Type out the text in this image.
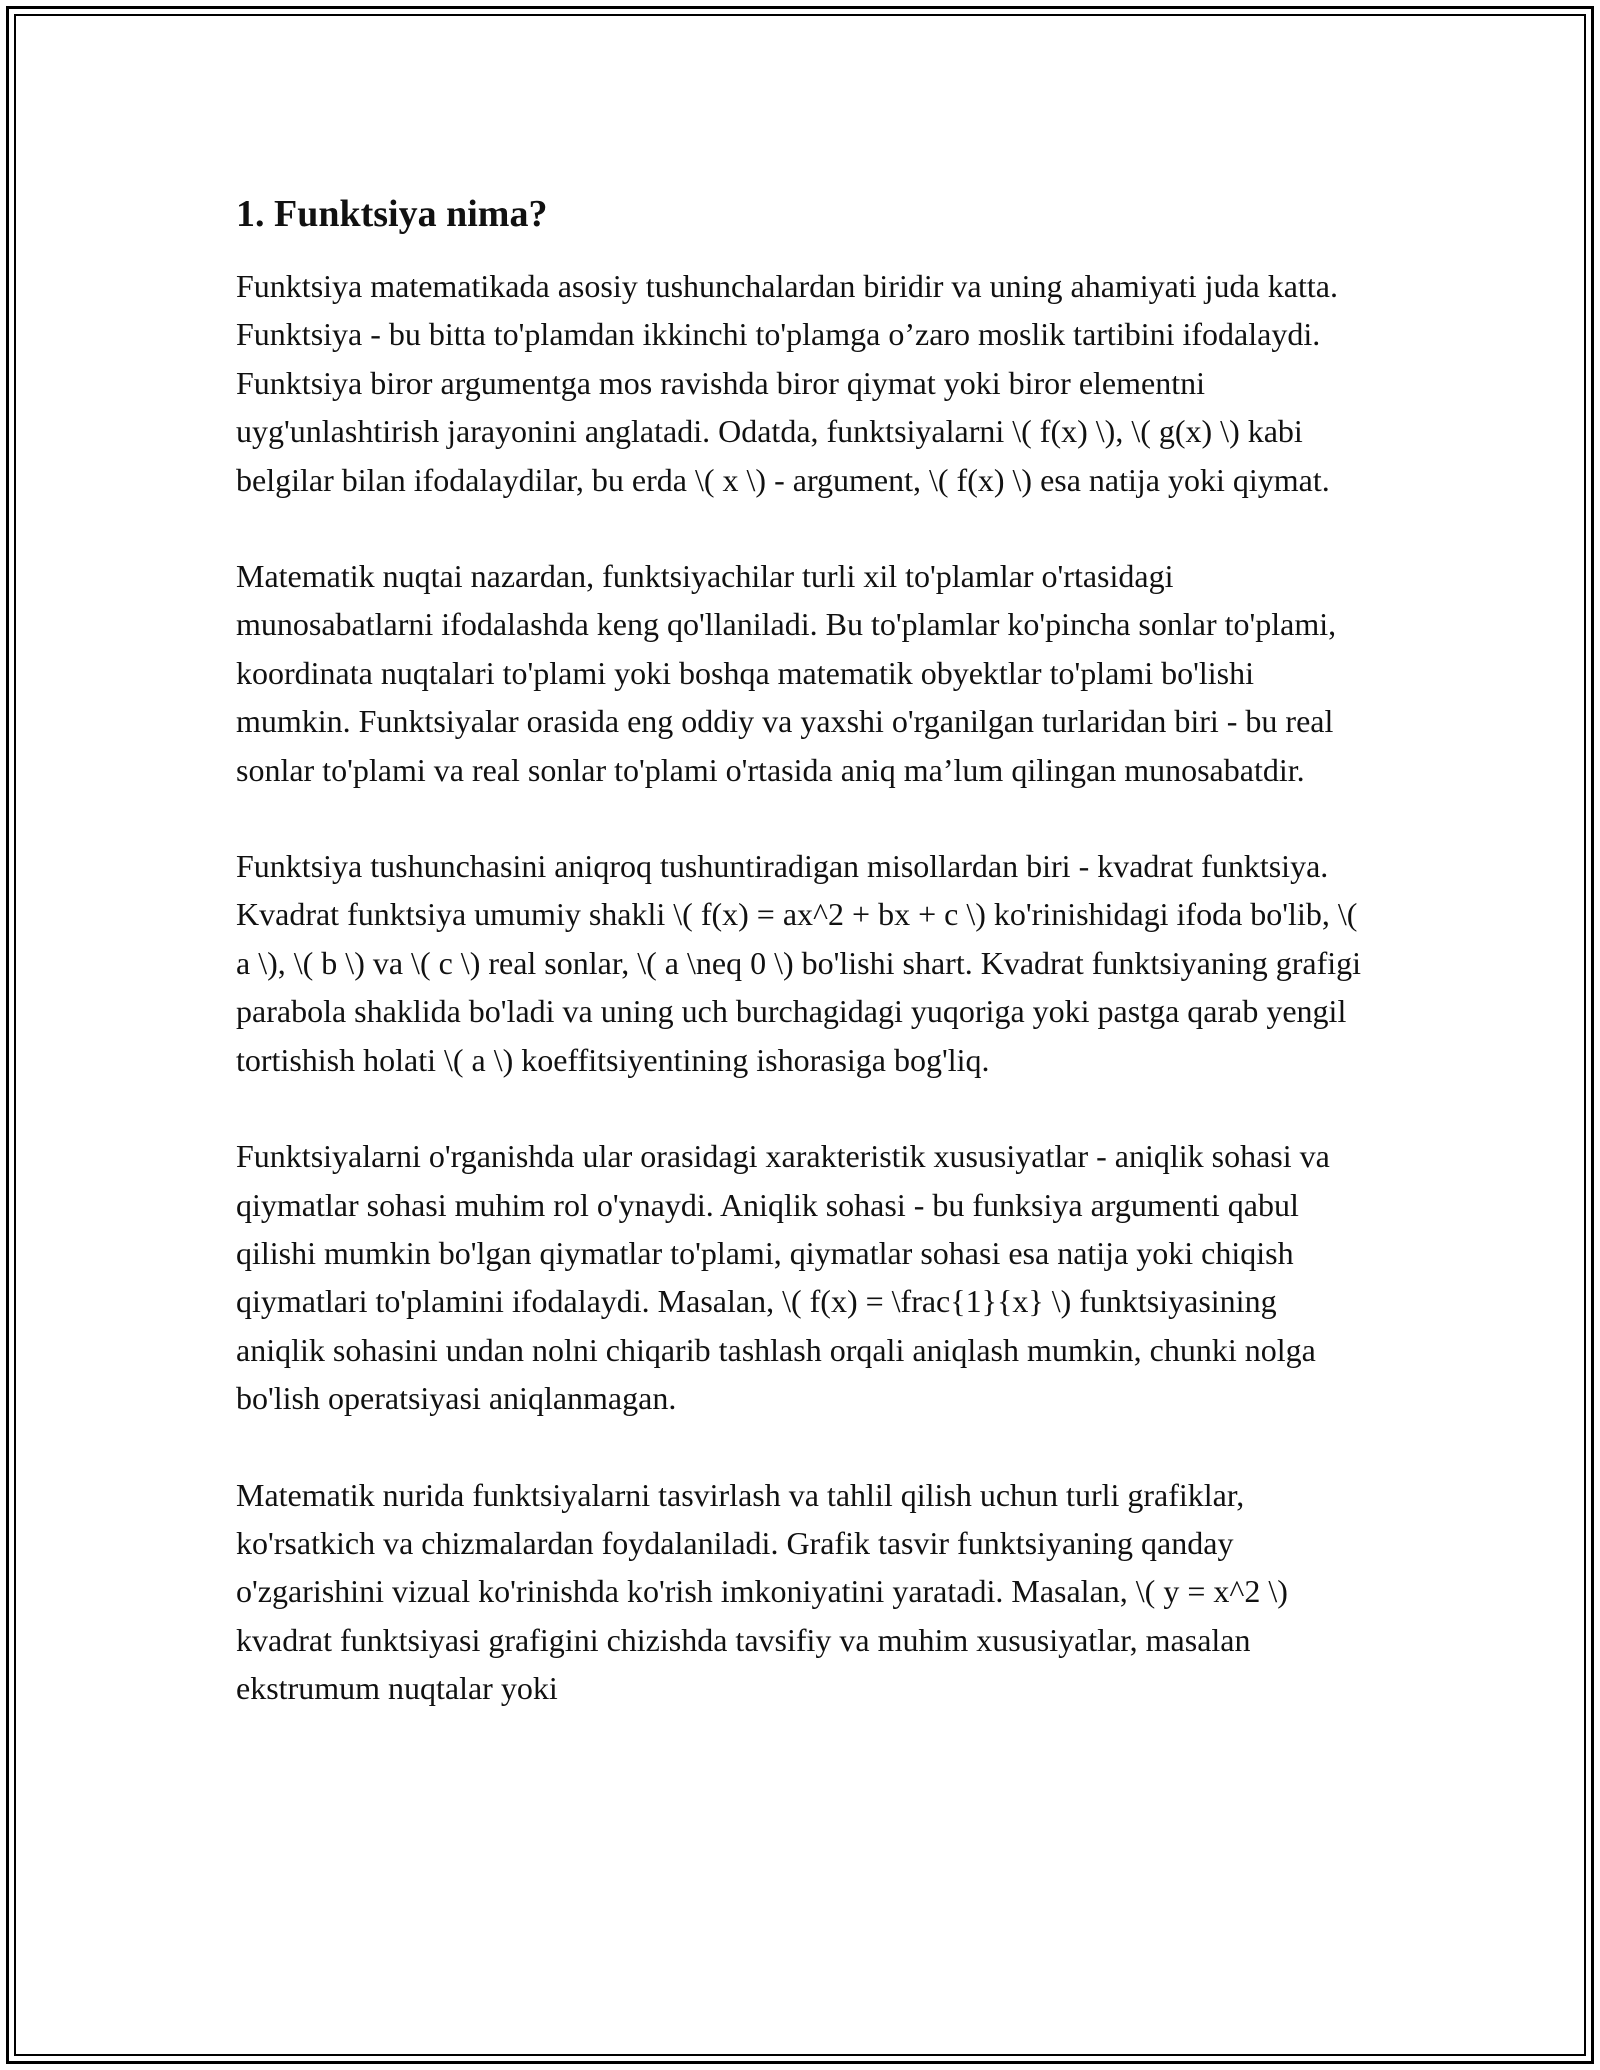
1. Funktsiya nima?

Funktsiya matematikada asosiy tushunchalardan biridir va uning ahamiyati juda katta. Funktsiya - bu bitta to'plamdan ikkinchi to'plamga o’zaro moslik tartibini ifodalaydi. Funktsiya biror argumentga mos ravishda biror qiymat yoki biror elementni uyg'unlashtirish jarayonini anglatadi. Odatda, funktsiyalarni \( f(x) \), \( g(x) \) kabi belgilar bilan ifodalaydilar, bu erda \( x \) - argument, \( f(x) \) esa natija yoki qiymat.

Matematik nuqtai nazardan, funktsiyachilar turli xil to'plamlar o'rtasidagi munosabatlarni ifodalashda keng qo'llaniladi. Bu to'plamlar ko'pincha sonlar to'plami, koordinata nuqtalari to'plami yoki boshqa matematik obyektlar to'plami bo'lishi mumkin. Funktsiyalar orasida eng oddiy va yaxshi o'rganilgan turlaridan biri - bu real sonlar to'plami va real sonlar to'plami o'rtasida aniq ma’lum qilingan munosabatdir.

Funktsiya tushunchasini aniqroq tushuntiradigan misollardan biri - kvadrat funktsiya. Kvadrat funktsiya umumiy shakli \( f(x) = ax^2 + bx + c \) ko'rinishidagi ifoda bo'lib, \( a \), \( b \) va \( c \) real sonlar, \( a \neq 0 \) bo'lishi shart. Kvadrat funktsiyaning grafigi parabola shaklida bo'ladi va uning uch burchagidagi yuqoriga yoki pastga qarab yengil tortishish holati \( a \) koeffitsiyentining ishorasiga bog'liq.

Funktsiyalarni o'rganishda ular orasidagi xarakteristik xususiyatlar - aniqlik sohasi va qiymatlar sohasi muhim rol o'ynaydi. Aniqlik sohasi - bu funksiya argumenti qabul qilishi mumkin bo'lgan qiymatlar to'plami, qiymatlar sohasi esa natija yoki chiqish qiymatlari to'plamini ifodalaydi. Masalan, \( f(x) = \frac{1}{x} \) funktsiyasining aniqlik sohasini undan nolni chiqarib tashlash orqali aniqlash mumkin, chunki nolga bo'lish operatsiyasi aniqlanmagan.

Matematik nurida funktsiyalarni tasvirlash va tahlil qilish uchun turli grafiklar, ko'rsatkich va chizmalardan foydalaniladi. Grafik tasvir funktsiyaning qanday o'zgarishini vizual ko'rinishda ko'rish imkoniyatini yaratadi. Masalan, \( y = x^2 \) kvadrat funktsiyasi grafigini chizishda tavsifiy va muhim xususiyatlar, masalan ekstrumum nuqtalar yoki
